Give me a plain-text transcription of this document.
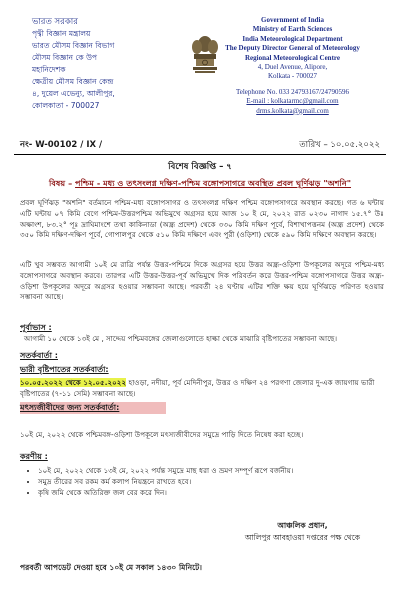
ভারত সরকার
পৃথ্বী বিজ্ঞান মন্ত্রালয়
ভারত মৌসম বিজ্ঞান বিভাগ
মৌসম বিজ্ঞান কে উপ
মহানিদেশক
ক্ষেত্রীয় মৌসম বিজ্ঞান কেন্দ্র
৪, দুয়েল এভেন্যু, আলীপুর,
কোলকাতা - 700027
Government of India
Ministry of Earth Sciences
India Meteorological Department
The Deputy Director General of Meteorology
Regional Meteorological Centre
4, Duel Avenue, Alipore,
Kolkata - 700027
Telephone No. 033 24793167/24790596
E-mail : kolkatarmc@gmail.com
drms.kolkata@gmail.com
নং- W-00102 / IX /	তারিখ – ১০.০৫.২০২২
বিশেষ বিজ্ঞপ্তি – ৭
বিষয় – পশ্চিম - মধ্য ও তৎসংলগ্ন দক্ষিণ-পশ্চিম বঙ্গোপসাগরে অবস্থিত প্রবল ঘূর্ণিঝড় "অশনি"
প্রবল ঘূর্ণিঝড় "অশনি" বর্তমানে পশ্চিম-মধ্য বঙ্গোপসাগর ও তৎসংলগ্ন দক্ষিণ পশ্চিম বঙ্গোপসাগরে অবস্থান করছে। গত ৬ ঘন্টায় এটি ঘন্টায় ০৭ কিমি বেগে পশ্চিম-উত্তরপশ্চিম অভিমুখে অগ্রসর হয়ে আজ ১০ ই মে, ২০২২ রাত ০২৩০ নাগাদ ১৫.৭° উঃ অক্ষাংশ, ৮৩.২° পূঃ দ্রাঘিমাংশে তথা কাকিনাডা (অন্ধ্র প্রদেশ) থেকে ৩৩০ কিমি দক্ষিণ পূর্বে, বিশাখাপত্তনম (অন্ধ্র প্রদেশ) থেকে ৩৫০ কিমি দক্ষিণ-দক্ষিণ পূর্বে, গোপালপুর থেকে ৫১০ কিমি দক্ষিণে এবং পুরী (ওড়িশা) থেকে ৫৯০ কিমি দক্ষিণে অবস্থান করছে।
এটি খুব সম্ভবত আগামী ১০ই মে রাত্রি পর্যন্ত উত্তর-পশ্চিমে দিকে অগ্রসর হয়ে উত্তর অন্ধ্র-ওড়িশা উপকূলের অদূরে পশ্চিম-মধ্য বঙ্গোপসাগরে অবস্থান করবে। তারপর এটি উত্তর-উত্তর-পূর্ব অভিমুখে দিক পরিবর্তন করে উত্তর-পশ্চিম বঙ্গোপসাগরে উত্তর অন্ধ্র-ওড়িশা উপকূলের অদূরে অগ্রসর হওয়ার সম্ভাবনা আছে। পরবর্তী ২৪ ঘণ্টায় এটির শক্তি ক্ষয় হয়ে ঘূর্ণিঝড়ে পরিণত হওয়ার সম্ভাবনা আছে।
পূর্বাভাস :
আগামী ১০ থেকে ১৩ই মে , সাদ্দেয় পশ্চিমবঙ্গের জেলাগুলোতে হাল্কা থেকে মাঝারি বৃষ্টিপাতের সম্ভাবনা আছে।
সতর্কবার্তা :
ভারী বৃষ্টিপাতের সতর্কবার্তা:
১০.০৫.২০২২ থেকে ১২.০৫.২০২২ হাওড়া, নদীয়া, পূর্ব মেদিনীপুর, উত্তর ও দক্ষিণ ২৪ পরগণা জেলার দু-এক জায়গায় ভারী বৃষ্টিপাতের (৭-১১ সেমি) সম্ভাবনা আছে।
মৎস্যজীবীদের জন্য সতর্কবার্তা:
১০ই মে, ২০২২ থেকে পশ্চিমবঙ্গ-ওড়িশা উপকূলে মৎস্যজীবীদের সমুদ্রে পাড়ি দিতে নিষেধ করা হচ্ছে।
করণীয় :
• ১০ই মে, ২০২২ থেকে ১৩ই মে, ২০২২ পর্যন্ত সমুদ্রে মাছ ধরা ও ভ্রমণ সম্পূর্ণ রূপে বর্জনীয়।
• সমুদ্র তীরের সব রকম কর্ম কলাপ নিয়ন্ত্রনে রাখতে হবে।
• কৃষি জমি থেকে অতিরিক্ত জল বের করে দিন।
আঞ্চলিক প্রধান,
আলিপুর আবহাওয়া দপ্তরের পক্ষ থেকে
পরবর্তী আপডেট দেওয়া হবে ১০ই মে সকাল ১৪৩০ মিনিটে।
